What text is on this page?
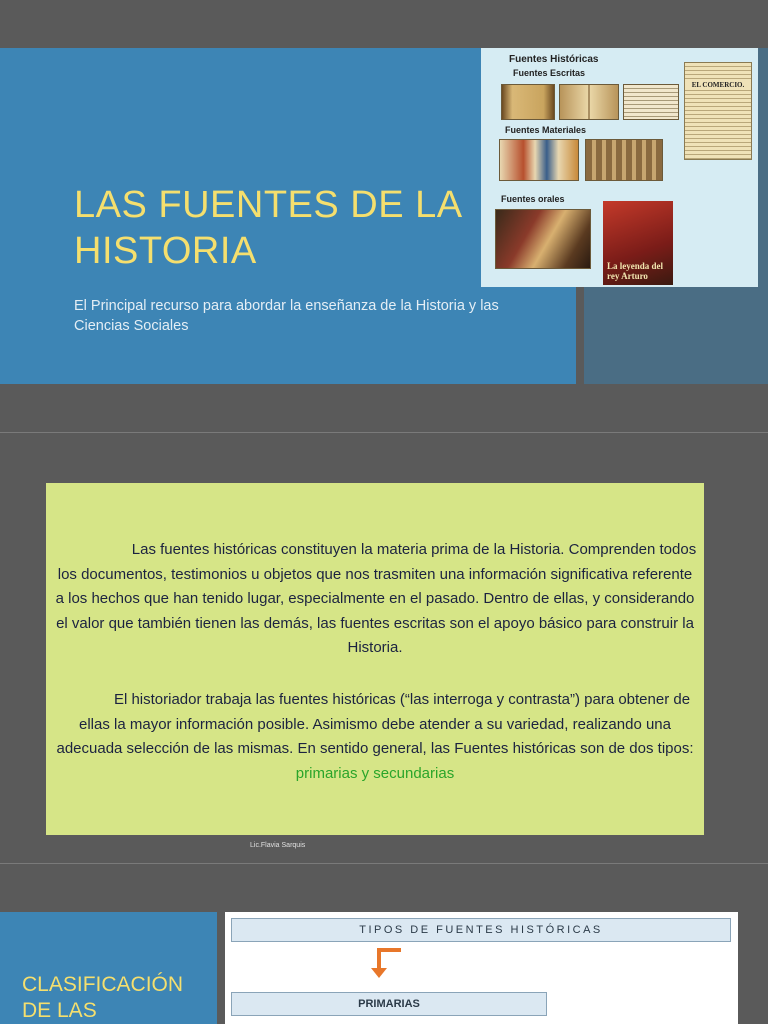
LAS FUENTES DE LA HISTORIA
El Principal recurso para abordar la enseñanza de la Historia y las Ciencias Sociales
Fuentes Históricas
Fuentes Escritas
EL COMERCIO.
Fuentes Materiales
Fuentes orales
La leyenda del rey Arturo
Las fuentes históricas constituyen la materia prima de la Historia. Comprenden todos los documentos, testimonios u objetos que nos trasmiten una información significativa referente a los hechos que han tenido lugar, especialmente en el pasado. Dentro de ellas, y considerando el valor que también tienen las demás, las fuentes escritas son el apoyo básico para construir la Historia.
El historiador trabaja las fuentes históricas (“las interroga y contrasta”) para obtener de ellas la mayor información posible. Asimismo debe atender a su variedad, realizando una adecuada selección de las mismas. En sentido general, las Fuentes históricas son de dos tipos: primarias y secundarias
Lic.Flavia Sarquis
CLASIFICACIÓN DE LAS
TIPOS DE FUENTES HISTÓRICAS
PRIMARIAS
